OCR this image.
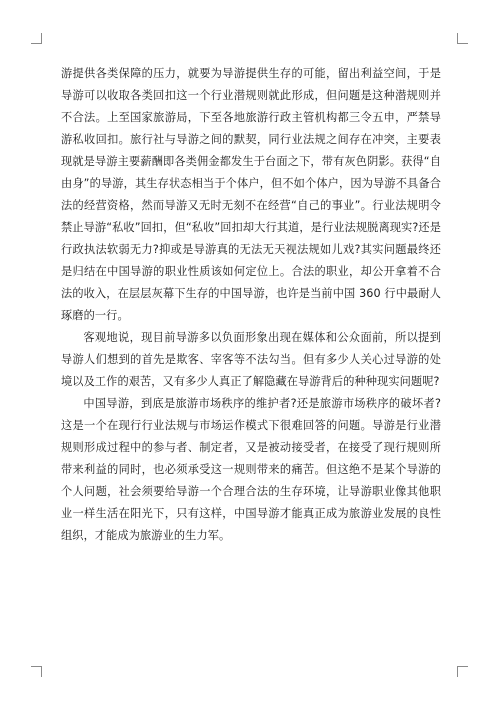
游提供各类保障的压力，就要为导游提供生存的可能，留出利益空间，于是导游可以收取各类回扣这一个行业潜规则就此形成，但问题是这种潜规则并不合法。上至国家旅游局，下至各地旅游行政主管机构都三令五申，严禁导游私收回扣。旅行社与导游之间的默契，同行业法规之间存在冲突，主要表现就是导游主要薪酬即各类佣金都发生于台面之下，带有灰色阴影。获得“自由身”的导游，其生存状态相当于个体户，但不如个体户，因为导游不具备合法的经营资格，然而导游又无时无刻不在经营“自己的事业”。行业法规明令禁止导游“私收”回扣，但“私收”回扣却大行其道，是行业法规脱离现实?还是行政执法软弱无力?抑或是导游真的无法无天视法规如儿戏?其实问题最终还是归结在中国导游的职业性质该如何定位上。合法的职业，却公开拿着不合法的收入，在层层灰幕下生存的中国导游，也许是当前中国 360 行中最耐人琢磨的一行。

客观地说，现目前导游多以负面形象出现在媒体和公众面前，所以提到导游人们想到的首先是欺客、宰客等不法勾当。但有多少人关心过导游的处境以及工作的艰苦，又有多少人真正了解隐藏在导游背后的种种现实问题呢?

中国导游，到底是旅游市场秩序的维护者?还是旅游市场秩序的破坏者?这是一个在现行行业法规与市场运作模式下很难回答的问题。导游是行业潜规则形成过程中的参与者、制定者，又是被动接受者，在接受了现行规则所带来利益的同时，也必须承受这一规则带来的痛苦。但这绝不是某个导游的个人问题，社会须要给导游一个合理合法的生存环境，让导游职业像其他职业一样生活在阳光下，只有这样，中国导游才能真正成为旅游业发展的良性组织，才能成为旅游业的生力军。
